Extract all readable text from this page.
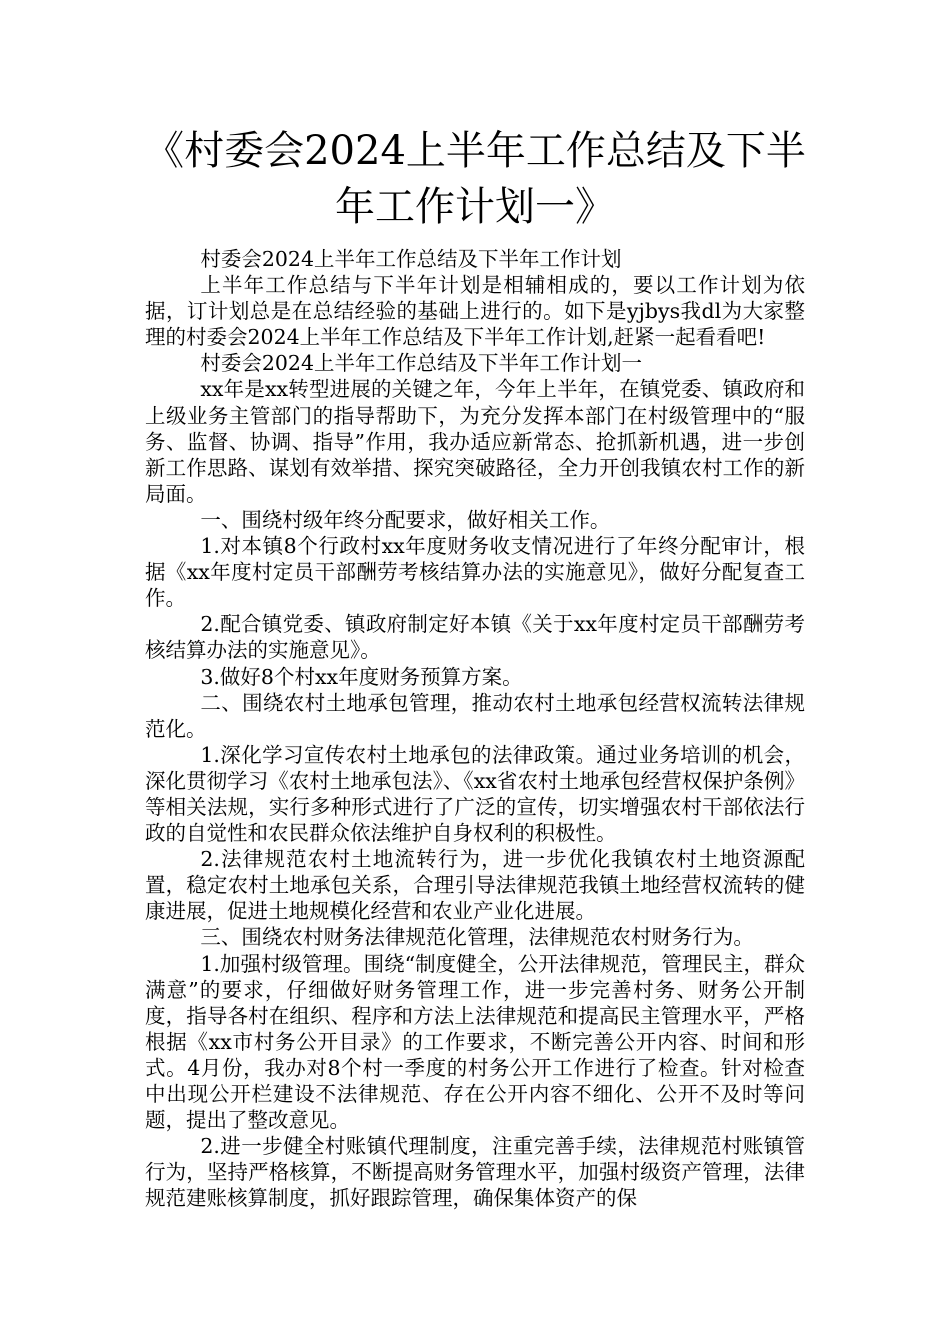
《村委会2024上半年工作总结及下半年工作计划一》

村委会2024上半年工作总结及下半年工作计划

上半年工作总结与下半年计划是相辅相成的，要以工作计划为依据，订计划总是在总结经验的基础上进行的。如下是yjbys我dl为大家整理的村委会2024上半年工作总结及下半年工作计划,赶紧一起看看吧!

村委会2024上半年工作总结及下半年工作计划一

xx年是xx转型进展的关键之年，今年上半年，在镇党委、镇政府和上级业务主管部门的指导帮助下，为充分发挥本部门在村级管理中的“服务、监督、协调、指导”作用，我办适应新常态、抢抓新机遇，进一步创新工作思路、谋划有效举措、探究突破路径，全力开创我镇农村工作的新局面。

一、围绕村级年终分配要求，做好相关工作。

1.对本镇8个行政村xx年度财务收支情况进行了年终分配审计，根据《xx年度村定员干部酬劳考核结算办法的实施意见》，做好分配复查工作。

2.配合镇党委、镇政府制定好本镇《关于xx年度村定员干部酬劳考核结算办法的实施意见》。

3.做好8个村xx年度财务预算方案。

二、围绕农村土地承包管理，推动农村土地承包经营权流转法律规范化。

1.深化学习宣传农村土地承包的法律政策。通过业务培训的机会，深化贯彻学习《农村土地承包法》、《xx省农村土地承包经营权保护条例》等相关法规，实行多种形式进行了广泛的宣传，切实增强农村干部依法行政的自觉性和农民群众依法维护自身权利的积极性。

2.法律规范农村土地流转行为，进一步优化我镇农村土地资源配置，稳定农村土地承包关系，合理引导法律规范我镇土地经营权流转的健康进展，促进土地规模化经营和农业产业化进展。

三、围绕农村财务法律规范化管理，法律规范农村财务行为。

1.加强村级管理。围绕“制度健全，公开法律规范，管理民主，群众满意”的要求，仔细做好财务管理工作，进一步完善村务、财务公开制度，指导各村在组织、程序和方法上法律规范和提高民主管理水平，严格根据《xx市村务公开目录》的工作要求，不断完善公开内容、时间和形式。4月份，我办对8个村一季度的村务公开工作进行了检查。针对检查中出现公开栏建设不法律规范、存在公开内容不细化、公开不及时等问题，提出了整改意见。

2.进一步健全村账镇代理制度，注重完善手续，法律规范村账镇管行为，坚持严格核算，不断提高财务管理水平，加强村级资产管理，法律规范建账核算制度，抓好跟踪管理，确保集体资产的保
